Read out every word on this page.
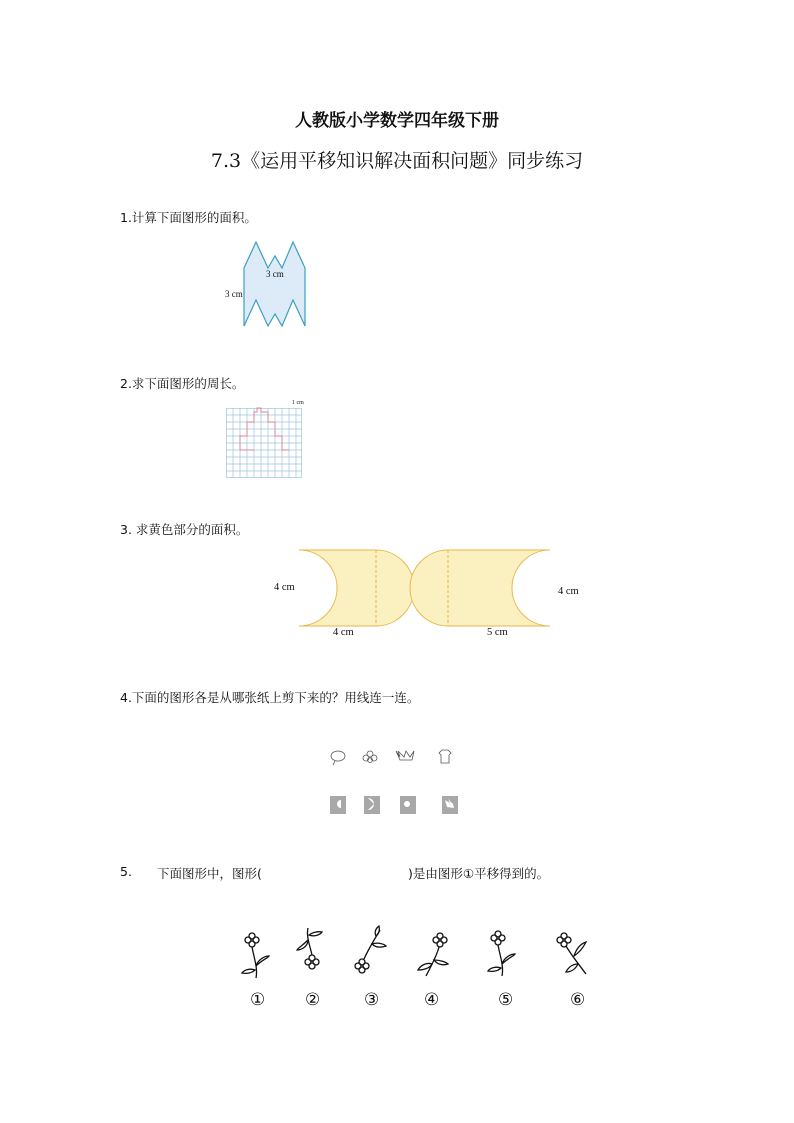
人教版小学数学四年级下册
7.3《运用平移知识解决面积问题》同步练习
1.计算下面图形的面积。
3 cm
3 cm
2.求下面图形的周长。
1 cm
3. 求黄色部分的面积。
4 cm
4 cm	5 cm
4 cm
4.下面的图形各是从哪张纸上剪下来的？用线连一连。
5. 下面图形中，图形(	)是由图形①平移得到的。
① ②	③	④	⑤	⑥
